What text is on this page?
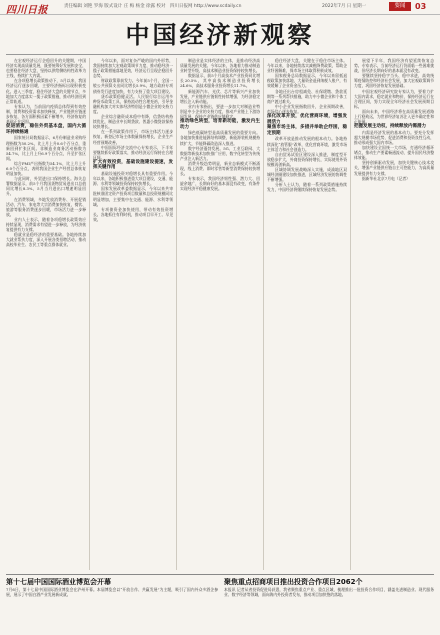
四川日报	责任编辑 刘艳 罗海 版式设计 庄 梅 杨金 徐露 校对 四川日报网 http://www.scdaily.cn	2022年7月 日 星期一	要闻	03
中国经济新观察

在宏观经济运行企稳回升的关键期，中国经济实现高质量发展，既要统筹好发展和安全，也要稳住经济大盘，坚持以供给侧结构性改革为主线，持续扩大内需。

在各项稳增长政策推动下，5月以来，我国经济运行逐步回暖，主要经济指标出现积极变化。进入三季度，稳住经济大盘的关键节点，多地加大力度落实一揽子政策措施，推动经济回到正常轨道。

专家认为，当前国内疫情总体得到有效控制，消费和投资需求加快释放，产业链供应链逐步恢复，各方面积极因素不断增多，经济恢复的基础正在巩固。

促进消费，稳住外贸基本盘，国内大循环持续畅通

国家统计局数据显示，6月份制造业采购经理指数为50.2%，比上月上升0.6个百分点，重新回到扩张区间。非制造业商务活动指数为54.7%，比上月上升6.9个百分点，升至扩张区间。

综合PMI产出指数为54.1%，比上月上升6.0个百分点，表明我国企业生产经营总体恢复明显加快。

与此同时，外贸进出口保持增长。海关总署数据显示，前5个月我国货物贸易进出口总值同比增长8.3%，5月当月进出口增速明显回升。

在消费领域，多地发放消费券、开展促销活动，汽车、家电等大宗消费加快恢复，餐饮、旅游等服务消费逐步回暖，市场活力进一步释放。

业内人士表示，随着各项稳增长政策效应持续显现，消费需求有望进一步释放，为经济恢复提供有力支撑。

稳就业是稳经济的重要基础。各地持续加大就业帮扶力度，深入开展各类招聘活动，推动高校毕业生、农民工等重点群体就业。

今年以来，面对复杂严峻的国内外形势，我国持续加大宏观政策调节力度，推动稳经济一揽子政策措施落地见效，经济运行呈现企稳回升态势。

财政政策靠前发力。今年前5个月，全国一般公共预算支出同比增长5.9%，地方政府专项债券发行进度加快，有力支持了重大项目建设。

货币政策稳健灵活。人民银行综合运用多种货币政策工具，保持流动性合理充裕，引导金融机构加大对实体经济特别是小微企业的支持力度。

企业综合融资成本稳中有降，信贷结构持续优化，制造业中长期贷款、普惠小微贷款保持较快增长。

在一系列政策作用下，市场主体活力逐步恢复，新登记市场主体数量保持增长，企业生产经营预期改善。

中国国际经济交流中心专家表示，下半年要继续抓好政策落实，推动经济运行保持在合理区间。

扩大有效投资，基础设施建设提速，发挥关键作用

基础设施投资对稳增长具有重要作用。今年以来，各地积极推进重大项目建设，交通、能源、水利等领域投资保持较快增长。

国家发展改革委数据显示，今年以来共审批核准固定资产投资项目数量和总投资规模同比明显增加，主要集中在交通、能源、水利等领域。

专项债资金加快使用，带动有效投资增长。各地抓住有利时机，推动项目早开工、早见效。

制造业是实体经济的主体，是推动经济高质量发展的关键。今年以来，各地着力推动制造业转型升级，高技术制造业投资保持较快增长。

数据显示，前5个月高技术产业投资同比增长20.5%，其中高技术制造业投资增长24.6%，高技术服务业投资增长11.7%。

新能源汽车、光伏、芯片等新兴产业加快发展，产业链供应链韧性持续增强，为经济稳定增长注入新动能。

业内专家指出，要进一步加大对制造业特别是中小企业的支持力度，推动产业链上下游协同发展，保持产业链供应链稳定。

推动绿色转型，培育新动能，激发内生动力

绿色低碳转型是高质量发展的重要方向。各地加快推进能源结构调整，新能源装机规模持续扩大，节能降碳改造深入推进。

数字经济蓬勃发展。5G、工业互联网、大数据等新技术加快推广应用，数字化转型为传统产业注入新活力。

消费升级趋势明显，新业态新模式不断涌现，线上消费、即时零售等新型消费保持较快增长。

专家表示，我国经济韧性强、潜力大、回旋余地广，长期向好的基本面没有改变，有条件实现经济平稳健康发展。

稳住经济大盘，关键在于稳住市场主体。今年以来，各地持续落实减税降费政策，帮助企业纾困解难，保市场主体取得积极成效。

国家税务总局数据显示，今年以来留抵退税政策加快落地，大量资金退到纳税人账户，有效缓解了企业资金压力。

各地还出台房租减免、社保缓缴、贷款延期等一系列帮扶措施，助力中小微企业和个体工商户渡过难关。

中小企业发展指数回升，企业预期改善，市场信心逐步恢复。

深化改革开放，优化营商环境，增强发展活力

聚焦市场主体，多措并举助企纾困，稳定预期

改革开放是推动发展的根本动力。各地持续深化“放管服”改革，优化营商环境，激发市场主体活力和社会创造力。

自由贸易试验区建设深入推进，制度型开放稳步扩大，外商投资保持增长，实际使用外资规模再创新高。

区域协调发展战略深入实施，成渝地区双城经济圈建设加快推进，区域经济发展的协调性不断增强。

分析人士认为，随着一系列政策措施持续发力，中国经济将继续保持恢复发展态势。

展望下半年，我国经济有望延续恢复态势。专家表示，当前经济运行仍面临一些困难挑战，但经济长期向好的基本面没有改变。

要继续坚持稳字当头、稳中求进，高效统筹疫情防控和经济社会发展，加大宏观政策调节力度，巩固经济恢复发展基础。

中国宏观经济研究院专家认为，要着力扩大国内需求，稳定就业和物价，保持经济运行在合理区间，努力实现全年经济社会发展预期目标。

面向未来，中国经济将在高质量发展道路上行稳致远，为世界经济复苏注入更多确定性和正能量。

把握发展主动权，持续释放内需潜力

内需是经济发展的基本动力。要充分发挥超大规模市场优势，促进消费和投资良性互动，推动形成强大国内市场。

加快建设全国统一大市场，打通经济循环堵点，推动生产要素畅通流动，提升国民经济整体效能。

坚持创新驱动发展，加快关键核心技术攻关，增强产业链供应链自主可控能力，为高质量发展提供有力支撑。

据新华社北京7月电（记者）

第十七届中国国际酒业博览会开幕
7月6日，第十七届中国国际酒业博览会在泸州开幕。本届博览会以“开放合作、共赢发展”为主题，吸引了国内外众多酒企参展，展示了中国白酒产业发展新成就。
聚焦重点招商项目推出投资合作项目2062个
本报讯 记者从省投资促进局获悉，我省聚焦重点产业、重点区域，梳理推出一批投资合作项目，涵盖先进制造业、现代服务业、数字经济等领域，面向海内外投资者发布，推动项目加快签约落地。
